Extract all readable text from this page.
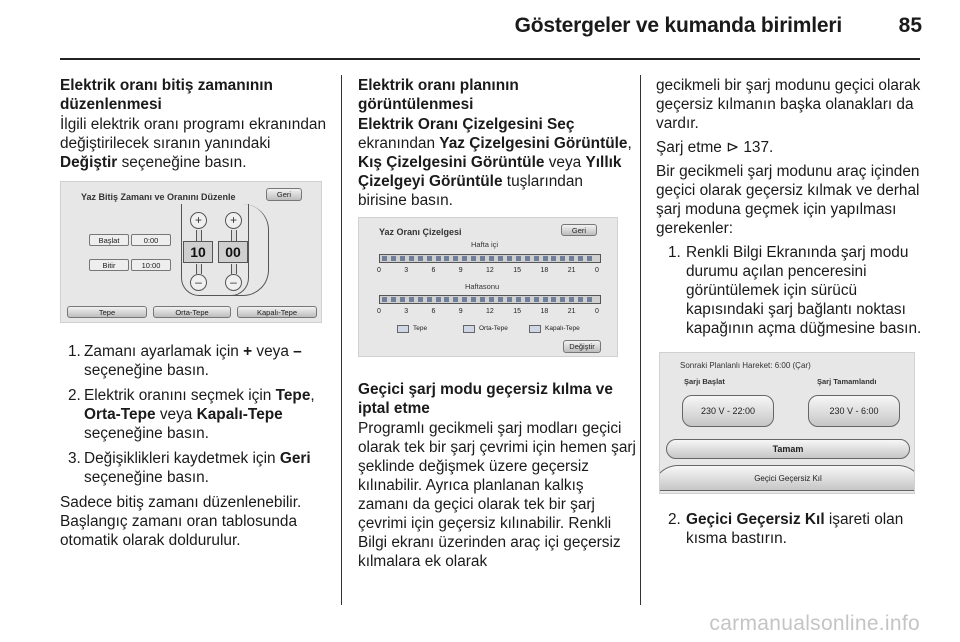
Göstergeler ve kumanda birimleri	85

Elektrik oranı bitiş zamanının düzenlenmesi

İlgili elektrik oranı programı ekranından değiştirilecek sıranın yanındaki Değiştir seçeneğine basın.

Yaz Bitiş Zamanı ve Oranını Düzenle	Geri
Başlat	0:00
Bitir	10:00
+
10
–
+
00
–
Tepe	Orta-Tepe	Kapalı-Tepe
1. Zamanı ayarlamak için + veya – seçeneğine basın.
2. Elektrik oranını seçmek için Tepe, Orta-Tepe veya Kapalı-Tepe seçeneğine basın.
3. Değişiklikleri kaydetmek için Geri seçeneğine basın.

Sadece bitiş zamanı düzenlenebilir. Başlangıç zamanı oran tablosunda otomatik olarak doldurulur.

Elektrik oranı planının görüntülenmesi

Elektrik Oranı Çizelgesini Seç ekranından Yaz Çizelgesini Görüntüle, Kış Çizelgesini Görüntüle veya Yıllık Çizelgeyi Görüntüle tuşlarından birisine basın.

Yaz Oranı Çizelgesi	Geri
Hafta içi
Haftasonu
Tepe	Orta-Tepe	Kapalı-Tepe
Değiştir
0	3	6	9	12	15	18	21	0
0	3	6	9	12	15	18	21	0

Geçici şarj modu geçersiz kılma ve iptal etme

Programlı gecikmeli şarj modları geçici olarak tek bir şarj çevrimi için hemen şarj şeklinde değişmek üzere geçersiz kılınabilir. Ayrıca planlanan kalkış zamanı da geçici olarak tek bir şarj çevrimi için geçersiz kılınabilir. Renkli Bilgi ekranı üzerinden araç içi geçersiz kılmalara ek olarak

gecikmeli bir şarj modunu geçici olarak geçersiz kılmanın başka olanakları da vardır.

Şarj etme ⊳ 137.

Bir gecikmeli şarj modunu araç içinden geçici olarak geçersiz kılmak ve derhal şarj moduna geçmek için yapılması gerekenler:

1. Renkli Bilgi Ekranında şarj modu durumu açılan penceresini görüntülemek için sürücü kapısındaki şarj bağlantı noktası kapağının açma düğmesine basın.
Sonraki Planlanlı Hareket: 6:00 (Çar)
Şarjı Başlat	Şarj Tamamlandı
230 V - 22:00	230 V - 6:00
Tamam
Geçici Geçersiz Kıl
2. Geçici Geçersiz Kıl işareti olan kısma bastırın.
carmanualsonline.info
